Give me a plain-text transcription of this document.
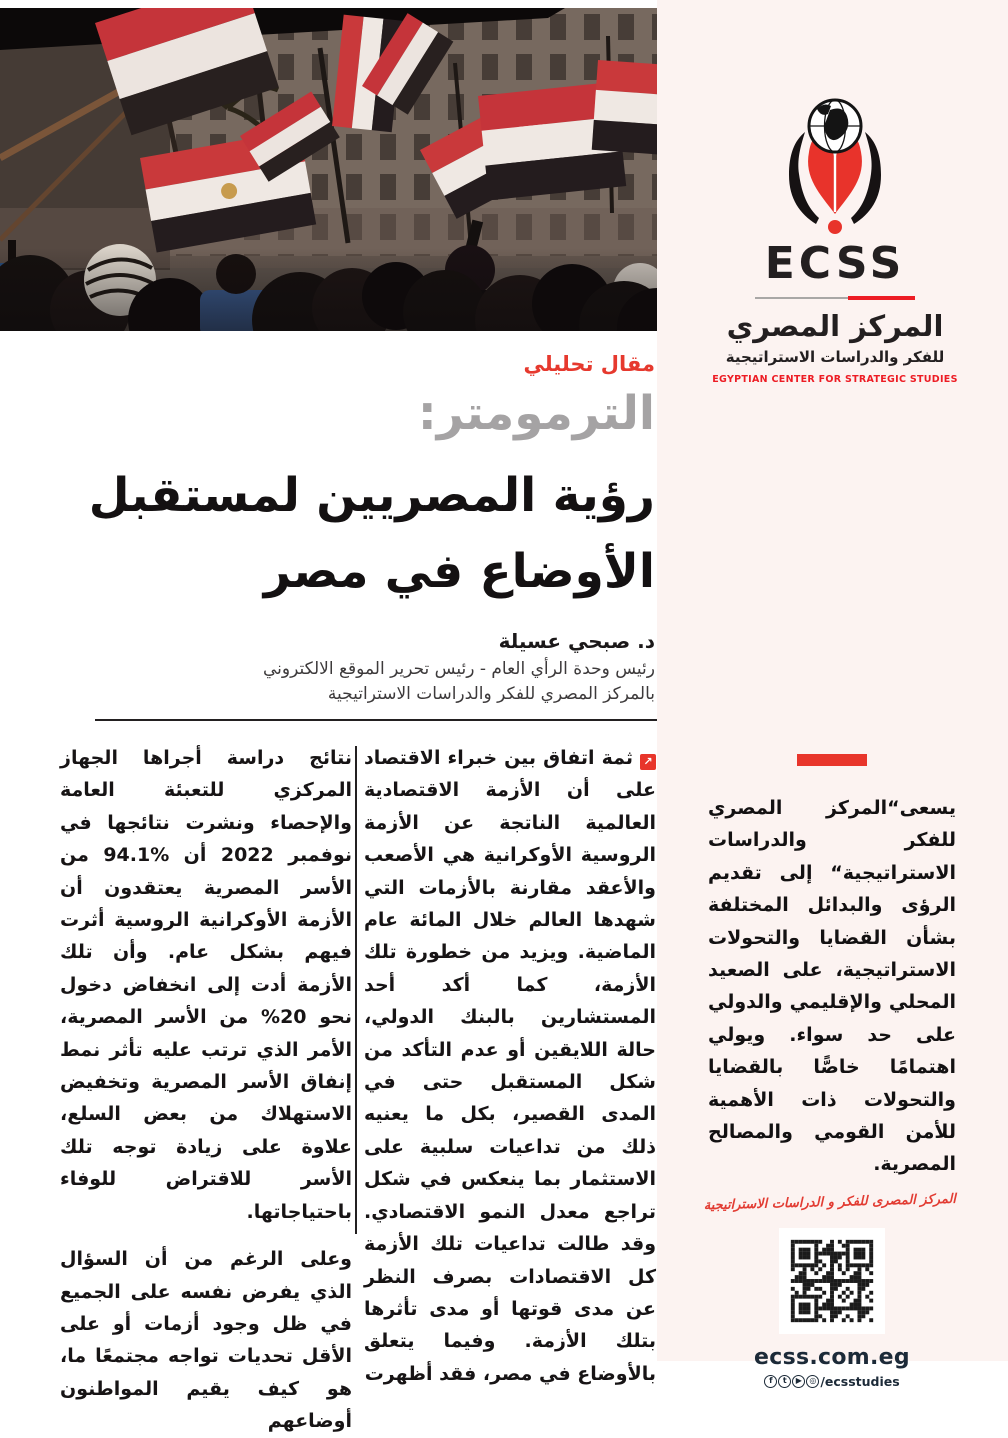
ECSS
المركز المصري
للفكر والدراسات الاستراتيجية
EGYPTIAN CENTER FOR STRATEGIC STUDIES
مقال تحليلي
الترمومتر:
رؤية المصريين لمستقبل
الأوضاع في مصر
د. صبحي عسيلة
رئيس وحدة الرأي العام - رئيس تحرير الموقع الالكتروني
بالمركز المصري للفكر والدراسات الاستراتيجية

↗ثمة اتفاق بين خبراء الاقتصاد على أن الأزمة الاقتصادية العالمية الناتجة عن الأزمة الروسية الأوكرانية هي الأصعب والأعقد مقارنة بالأزمات التي شهدها العالم خلال المائة عام الماضية. ويزيد من خطورة تلك الأزمة، كما أكد أحد المستشارين بالبنك الدولي، حالة اللايقين أو عدم التأكد من شكل المستقبل حتى في المدى القصير، بكل ما يعنيه ذلك من تداعيات سلبية على الاستثمار بما ينعكس في شكل تراجع معدل النمو الاقتصادي. وقد طالت تداعيات تلك الأزمة كل الاقتصادات بصرف النظر عن مدى قوتها أو مدى تأثرها بتلك الأزمة. وفيما يتعلق بالأوضاع في مصر، فقد أظهرت

نتائج دراسة أجراها الجهاز المركزي للتعبئة العامة والإحصاء ونشرت نتائجها في نوفمبر 2022 أن %94.1 من الأسر المصرية يعتقدون أن الأزمة الأوكرانية الروسية أثرت فيهم بشكل عام. وأن تلك الأزمة أدت إلى انخفاض دخول نحو 20% من الأسر المصرية، الأمر الذي ترتب عليه تأثر نمط إنفاق الأسر المصرية وتخفيض الاستهلاك من بعض السلع، علاوة على زيادة توجه تلك الأسر للاقتراض للوفاء باحتياجاتها.

وعلى الرغم من أن السؤال الذي يفرض نفسه على الجميع في ظل وجود أزمات أو على الأقل تحديات تواجه مجتمعًا ما، هو كيف يقيم المواطنون أوضاعهم

يسعى“المركز المصري للفكر والدراسات الاستراتيجية“ إلى تقديم الرؤى والبدائل المختلفة بشأن القضايا والتحولات الاستراتيجية، على الصعيد المحلي والإقليمي والدولي على حد سواء. ويولي اهتمامًا خاصًّا بالقضايا والتحولات ذات الأهمية للأمن القومي والمصالح المصرية.
المركز المصرى للفكر و الدراسات الاستراتيجية
ecss.com.eg
f	t	▶ ◎ /ecsstudies
